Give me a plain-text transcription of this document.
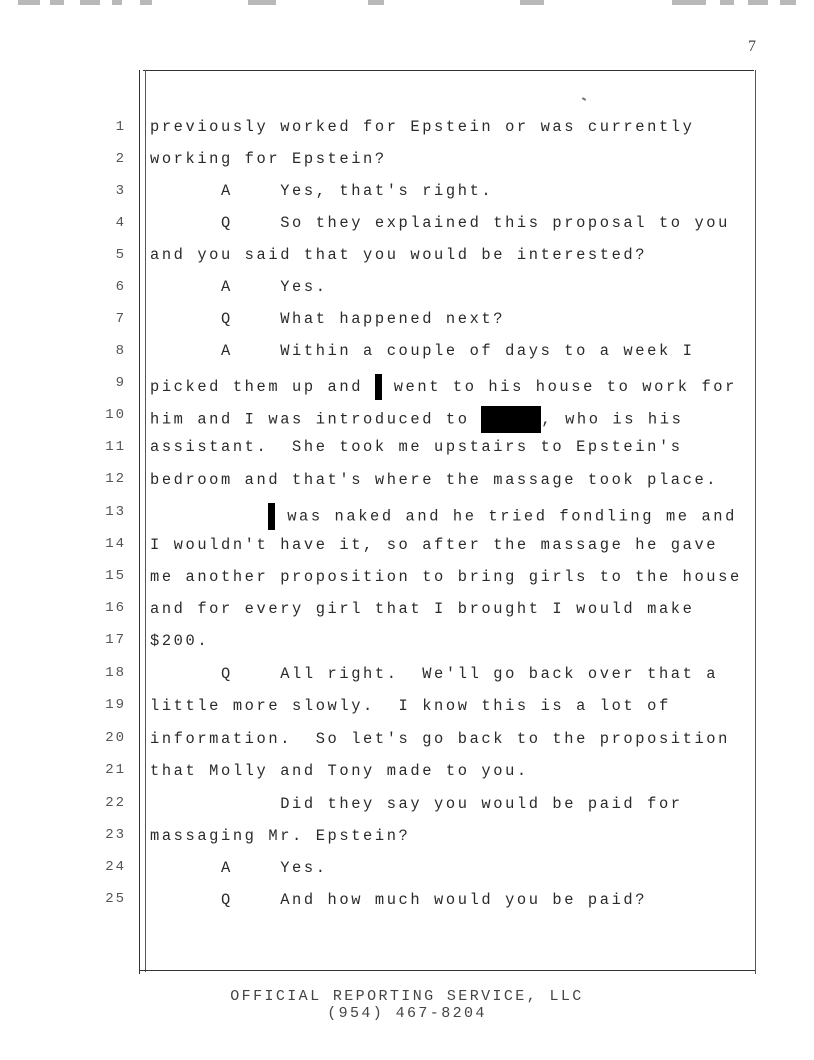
7
1 previously worked for Epstein or was currently
2 working for Epstein?
3 A    Yes, that's right.
4 Q    So they explained this proposal to you
5 and you said that you would be interested?
6 A    Yes.
7 Q    What happened next?
8 A    Within a couple of days to a week I
9 picked them up and  went to his house to work for
10 him and I was introduced to	, who is his
11 assistant.  She took me upstairs to Epstein's
12 bedroom and that's where the massage took place.
13	was naked and he tried fondling me and
14 I wouldn't have it, so after the massage he gave
15 me another proposition to bring girls to the house
16 and for every girl that I brought I would make
17 $200.
18 Q    All right.  We'll go back over that a
19 little more slowly.  I know this is a lot of
20 information.  So let's go back to the proposition
21 that Molly and Tony made to you.
22 Did they say you would be paid for
23 massaging Mr. Epstein?
24 A    Yes.
25 Q    And how much would you be paid?
OFFICIAL REPORTING SERVICE, LLC
(954) 467-8204
